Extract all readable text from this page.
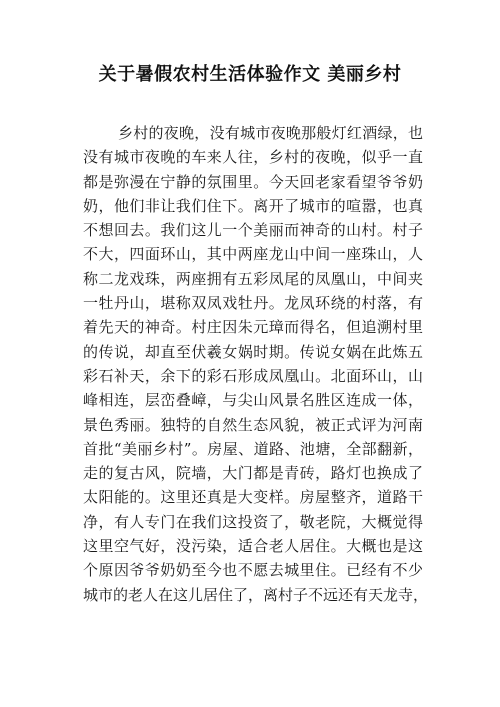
关于暑假农村生活体验作文 美丽乡村
乡村的夜晚，没有城市夜晚那般灯红酒绿，也
没有城市夜晚的车来人往，乡村的夜晚，似乎一直
都是弥漫在宁静的氛围里。今天回老家看望爷爷奶
奶，他们非让我们住下。离开了城市的喧嚣，也真
不想回去。我们这儿一个美丽而神奇的山村。村子
不大，四面环山，其中两座龙山中间一座珠山，人
称二龙戏珠，两座拥有五彩凤尾的凤凰山，中间夹
一牡丹山，堪称双凤戏牡丹。龙凤环绕的村落，有
着先天的神奇。村庄因朱元璋而得名，但追溯村里
的传说，却直至伏羲女娲时期。传说女娲在此炼五
彩石补天，余下的彩石形成凤凰山。北面环山，山
峰相连，层峦叠嶂，与尖山风景名胜区连成一体，
景色秀丽。独特的自然生态风貌，被正式评为河南
首批“美丽乡村”。房屋、道路、池塘，全部翻新，
走的复古风，院墙，大门都是青砖，路灯也换成了
太阳能的。这里还真是大变样。房屋整齐，道路干
净，有人专门在我们这投资了，敬老院，大概觉得
这里空气好，没污染，适合老人居住。大概也是这
个原因爷爷奶奶至今也不愿去城里住。已经有不少
城市的老人在这儿居住了，离村子不远还有天龙寺，
